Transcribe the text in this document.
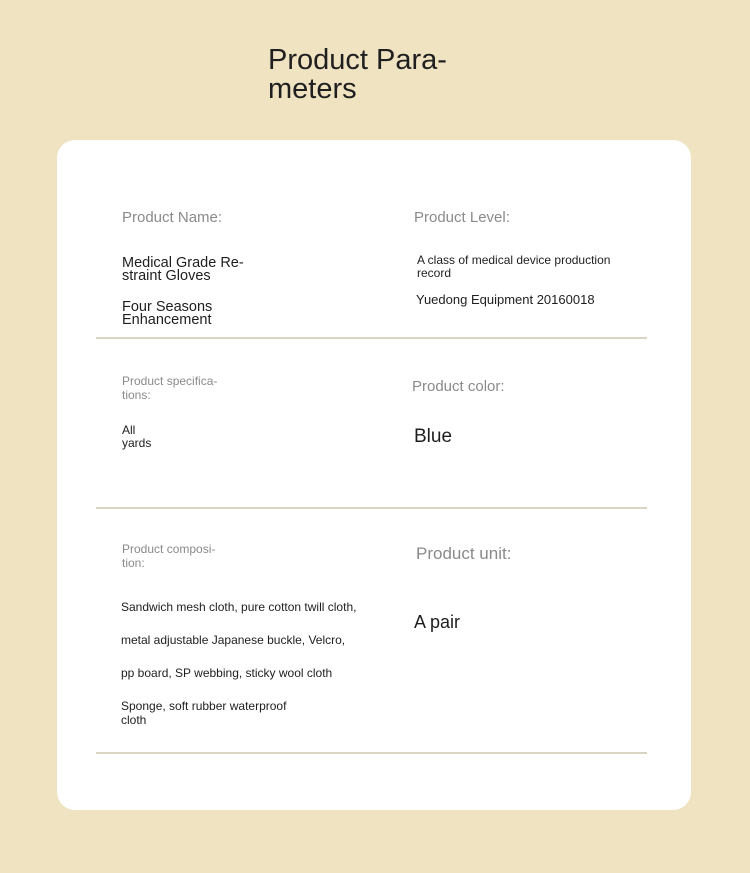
Product Para-
meters
Product Name:
Medical Grade Re-
straint Gloves
Four Seasons
Enhancement
Product Level:
A class of medical device production
record
Yuedong Equipment 20160018
Product specifica-
tions:
All
yards
Product color:
Blue
Product composi-
tion:
Sandwich mesh cloth, pure cotton twill cloth,
metal adjustable Japanese buckle, Velcro,
pp board, SP webbing, sticky wool cloth
Sponge, soft rubber waterproof
cloth
Product unit:
A pair
